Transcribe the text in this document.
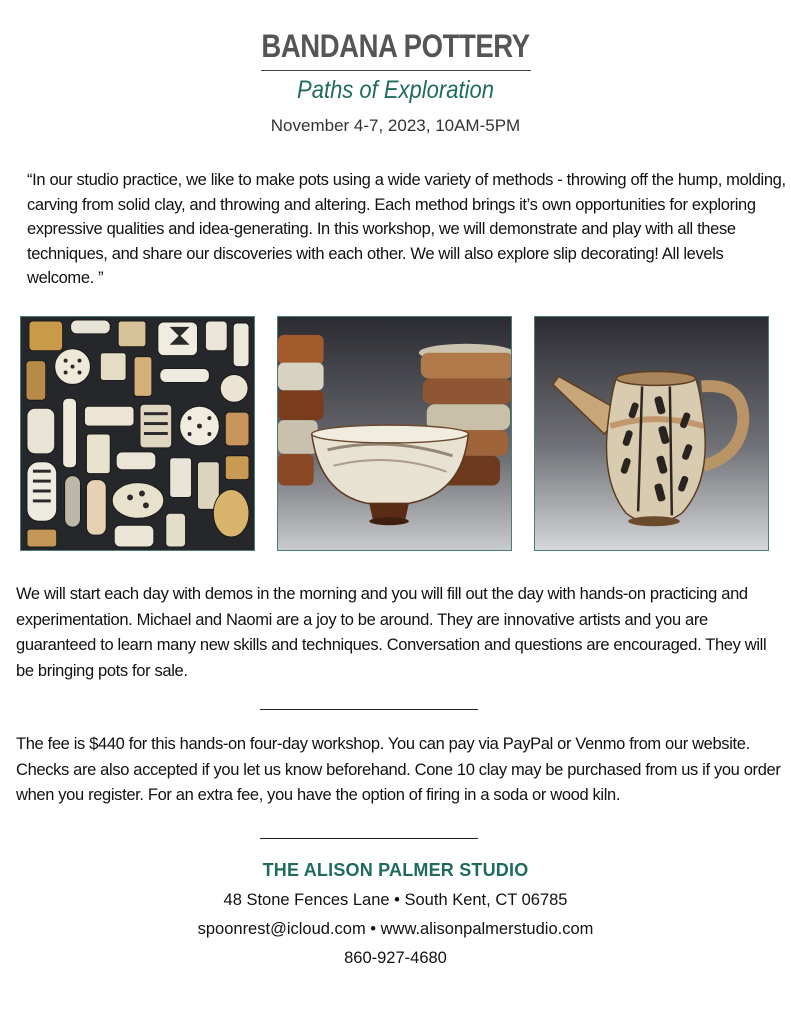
BANDANA POTTERY
Paths of Exploration
November 4-7, 2023, 10AM-5PM
“In our studio practice, we like to make pots using a wide variety of methods - throwing off the hump, molding, carving from solid clay, and throwing and altering. Each method brings it’s own opportunities for exploring expressive qualities and idea-generating. In this workshop, we will demonstrate and play with all these techniques, and share our discoveries with each other. We will also explore slip decorating! All levels welcome. ”
We will start each day with demos in the morning and you will fill out the day with hands-on practicing and experimentation. Michael and Naomi are a joy to be around. They are innovative artists and you are guaranteed to learn many new skills and techniques. Conversation and questions are encouraged. They will be bringing pots for sale.
The fee is $440 for this hands-on four-day workshop. You can pay via PayPal or Venmo from our website. Checks are also accepted if you let us know beforehand. Cone 10 clay may be purchased from us if you order when you register. For an extra fee, you have the option of firing in a soda or wood kiln.
THE ALISON PALMER STUDIO
48 Stone Fences Lane • South Kent, CT 06785
spoonrest@icloud.com • www.alisonpalmerstudio.com
860-927-4680
